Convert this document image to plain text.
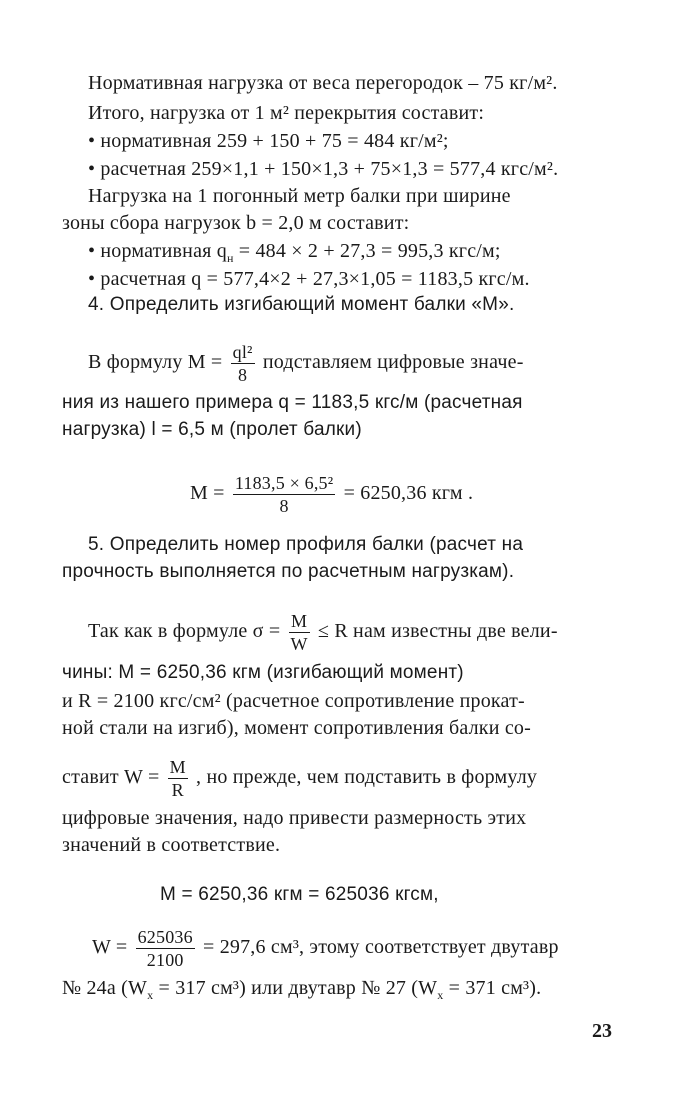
Нормативная нагрузка от веса перегородок – 75 кг/м².
Итого, нагрузка от 1 м² перекрытия составит:
• нормативная 259 + 150 + 75 = 484 кг/м²;
• расчетная 259×1,1 + 150×1,3 + 75×1,3 = 577,4 кгс/м².
Нагрузка на 1 погонный метр балки при ширине
зоны сбора нагрузок b = 2,0 м составит:
• нормативная $q_н = 484 \times 2 + 27,3 = 995,3$ кгс/м;
• расчетная q = 577,4×2 + 27,3×1,05 = 1183,5 кгс/м.
4. Определить изгибающий момент балки «М».
В формулу $М = \frac{\text{ql²}}{8}$ подставляем цифровые значе-
ния из нашего примера q = 1183,5 кгс/м (расчетная
нагрузка) l = 6,5 м (пролет балки)
$М = \frac{\text{1183,5 × 6,5²}}{8} = 6250,36$ кгм .
5. Определить номер профиля балки (расчет на
прочность выполняется по расчетным нагрузкам).
Так как в формуле $\sigma = \frac{М}{W} \le R$ нам известны две вели-
чины: М = 6250,36 кгм (изгибающий момент)
и R = 2100 кгс/см² (расчетное сопротивление прокат-
ной стали на изгиб), момент сопротивления балки со-
ставит $W = \frac{М}{R}$ , но прежде, чем подставить в формулу
цифровые значения, надо привести размерность этих
значений в соответствие.
М = 6250,36 кгм = 625036 кгсм,
$W = \frac{625036}{2100} = 297,6$ см³, этому соответствует двутавр
№ 24а ($W_x = 317$ см³) или двутавр № 27 ($W_x = 371$ см³).
23
